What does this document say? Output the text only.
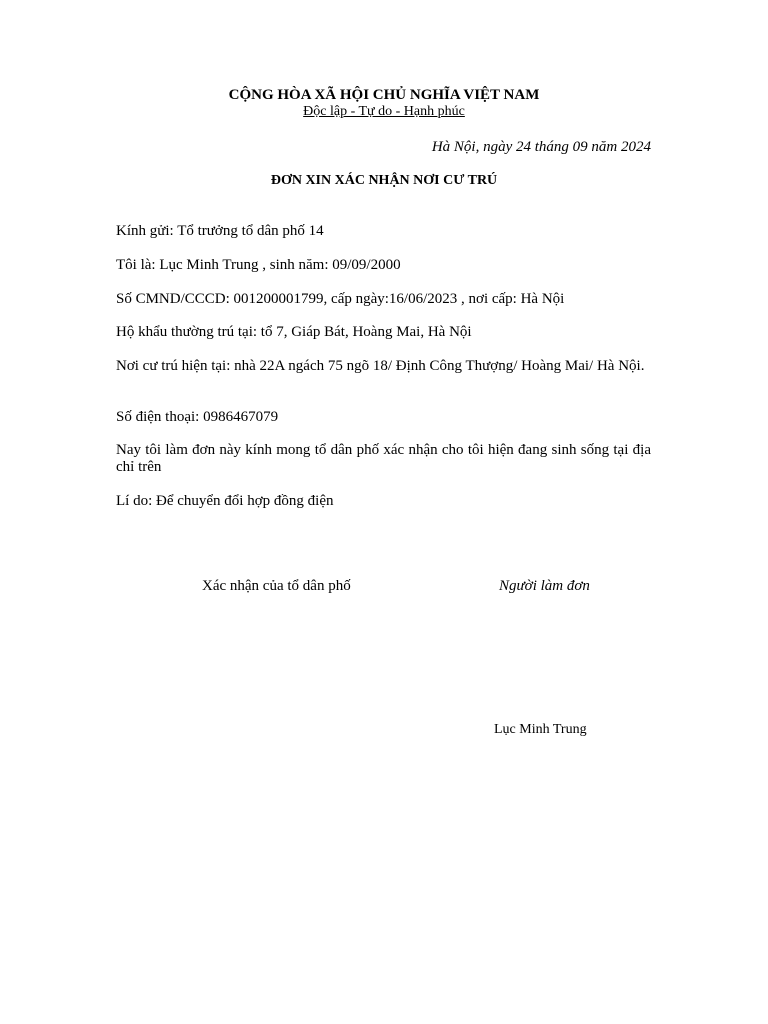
CỘNG HÒA XÃ HỘI CHỦ NGHĨA VIỆT NAM
Độc lập - Tự do - Hạnh phúc
Hà Nội, ngày 24 tháng 09 năm 2024
ĐƠN XIN XÁC NHẬN NƠI CƯ TRÚ
Kính gửi: Tổ trưởng tổ dân phố 14
Tôi là: Lục Minh Trung , sinh năm: 09/09/2000
Số CMND/CCCD: 001200001799, cấp ngày:16/06/2023 , nơi cấp: Hà Nội
Hộ khẩu thường trú tại: tổ 7, Giáp Bát, Hoàng Mai, Hà Nội
Nơi cư trú hiện tại: nhà 22A ngách 75 ngõ 18/ Định Công Thượng/ Hoàng Mai/ Hà Nội.
Số điện thoại: 0986467079
Nay tôi làm đơn này kính mong tổ dân phố xác nhận cho tôi hiện đang sinh sống tại địa chỉ trên
Lí do: Để chuyển đổi hợp đồng điện
Xác nhận của tổ dân phố	Người làm đơn
Lục Minh Trung
